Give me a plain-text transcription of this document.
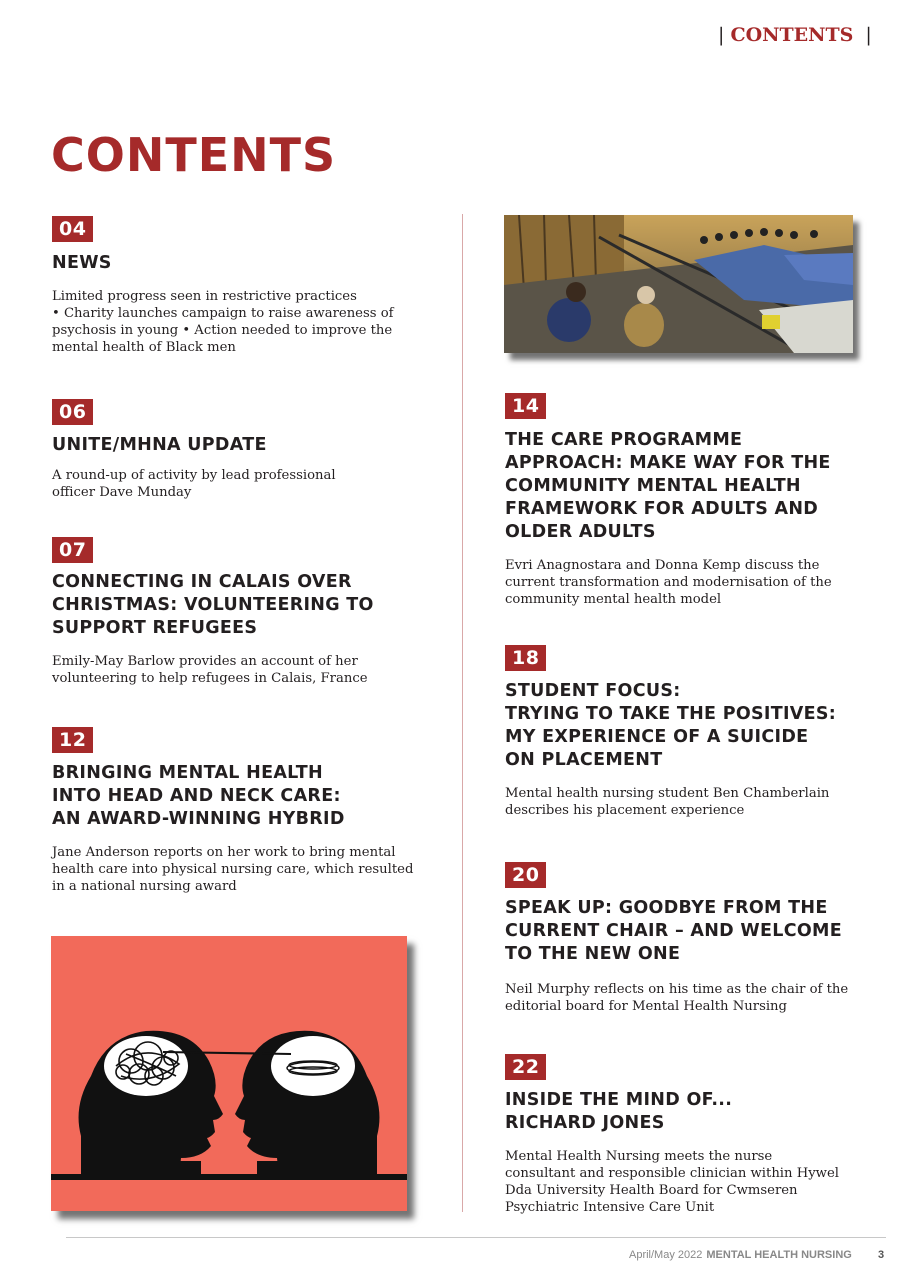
| CONTENTS  |
CONTENTS
04
NEWS
Limited progress seen in restrictive practices
• Charity launches campaign to raise awareness of
psychosis in young • Action needed to improve the
mental health of Black men
06
UNITE/MHNA UPDATE
A round-up of activity by lead professional
officer Dave Munday
07
CONNECTING IN CALAIS OVER
CHRISTMAS: VOLUNTEERING TO
SUPPORT REFUGEES
Emily-May Barlow provides an account of her
volunteering to help refugees in Calais, France
12
BRINGING MENTAL HEALTH
INTO HEAD AND NECK CARE:
AN AWARD-WINNING HYBRID
Jane Anderson reports on her work to bring mental
health care into physical nursing care, which resulted
in a national nursing award
14
THE CARE PROGRAMME
APPROACH: MAKE WAY FOR THE
COMMUNITY MENTAL HEALTH
FRAMEWORK FOR ADULTS AND
OLDER ADULTS
Evri Anagnostara and Donna Kemp discuss the
current transformation and modernisation of the
community mental health model
18
STUDENT FOCUS:
TRYING TO TAKE THE POSITIVES:
MY EXPERIENCE OF A SUICIDE
ON PLACEMENT
Mental health nursing student Ben Chamberlain
describes his placement experience
20
SPEAK UP: GOODBYE FROM THE
CURRENT CHAIR – AND WELCOME
TO THE NEW ONE
Neil Murphy reflects on his time as the chair of the
editorial board for Mental Health Nursing
22
INSIDE THE MIND OF...
RICHARD JONES
Mental Health Nursing meets the nurse
consultant and responsible clinician within Hywel
Dda University Health Board for Cwmseren
Psychiatric Intensive Care Unit
April/May 2022 MENTAL HEALTH NURSING 3
